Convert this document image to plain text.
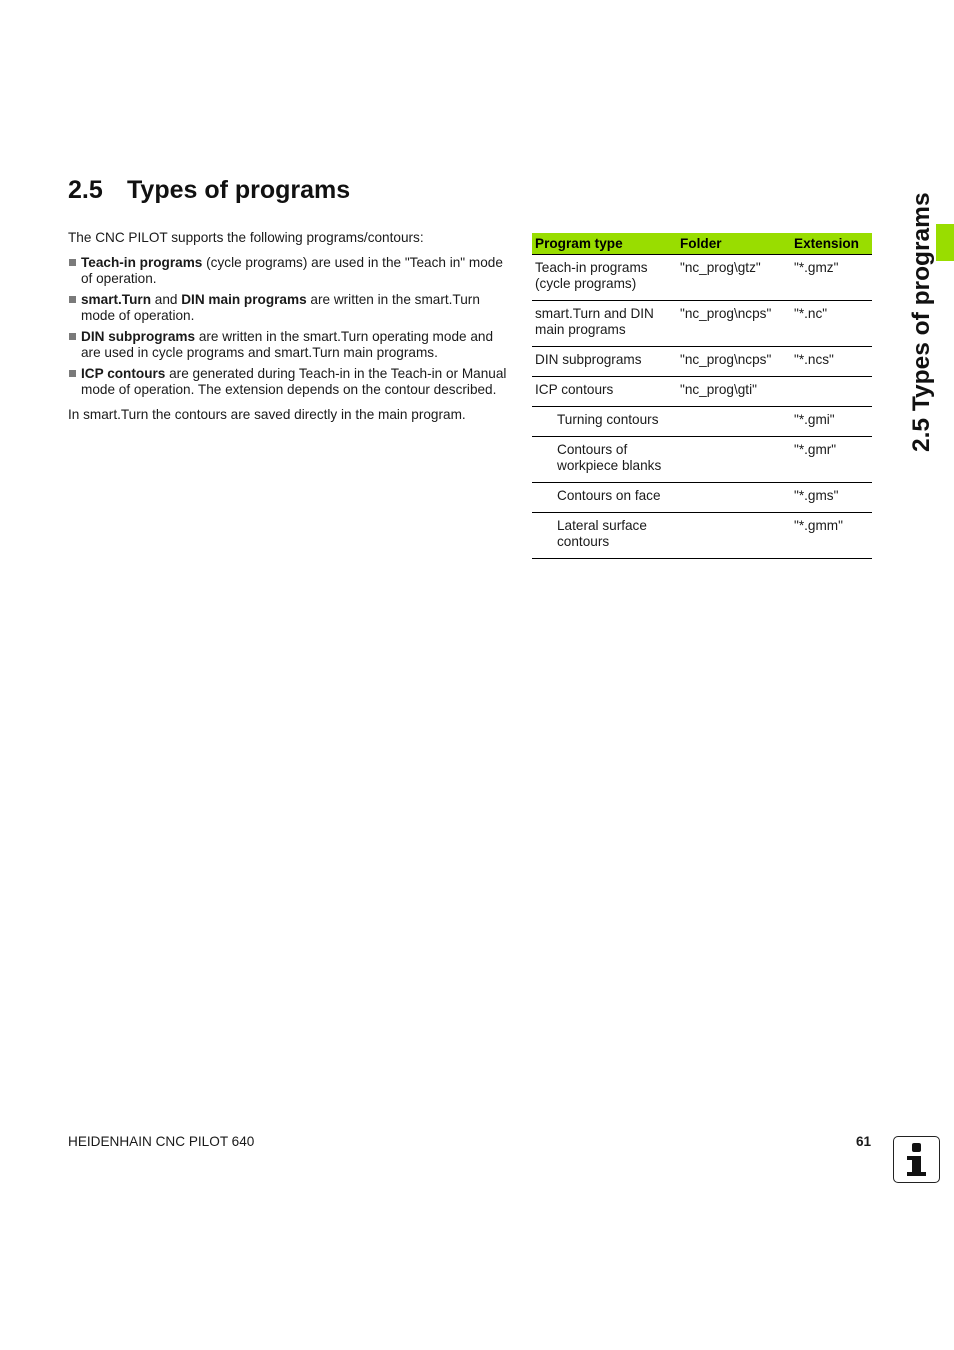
2.5 Types of programs

The CNC PILOT supports the following programs/contours:

Teach-in programs (cycle programs) are used in the "Teach in" mode of operation.
smart.Turn and DIN main programs are written in the smart.Turn mode of operation.
DIN subprograms are written in the smart.Turn operating mode and are used in cycle programs and smart.Turn main programs.
ICP contours are generated during Teach-in in the Teach-in or Manual mode of operation. The extension depends on the contour described.

In smart.Turn the contours are saved directly in the main program.

Program type	Folder	Extension
Teach-in programs (cycle programs)	"nc_prog\gtz"	"*.gmz"
smart.Turn and DIN main programs	"nc_prog\ncps"	"*.nc"
DIN subprograms	"nc_prog\ncps"	"*.ncs"
ICP contours	"nc_prog\gti"	
Turning contours		"*.gmi"
Contours of workpiece blanks		"*.gmr"
Contours on face		"*.gms"
Lateral surface contours		"*.gmm"
2.5 Types of programs
HEIDENHAIN CNC PILOT 640	61
